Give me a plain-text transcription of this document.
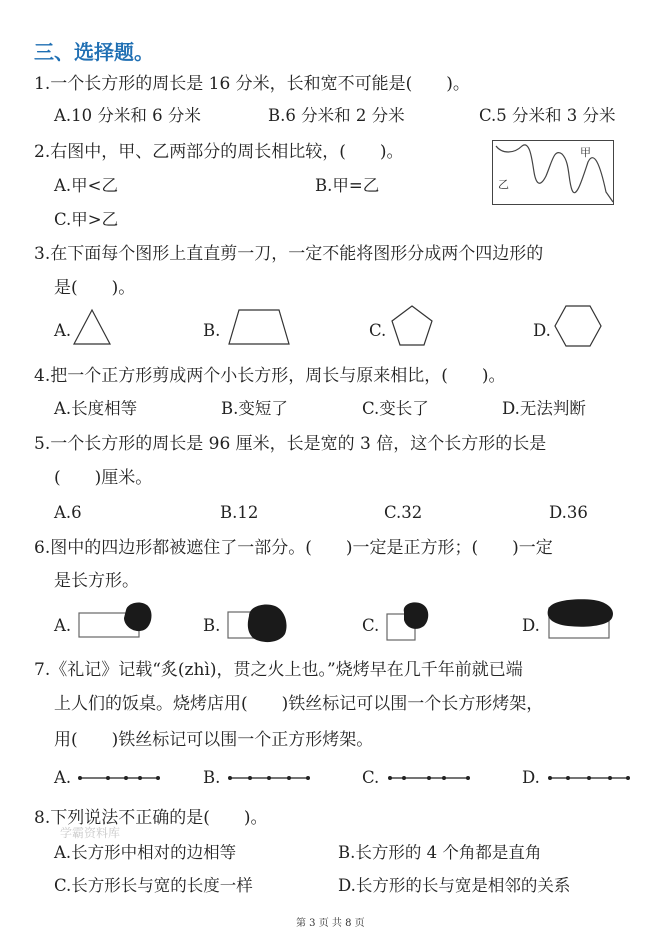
三、选择题。
1.一个长方形的周长是 16 分米，长和宽不可能是(　　)。
A.10 分米和 6 分米	B.6 分米和 2 分米	C.5 分米和 3 分米
2.右图中，甲、乙两部分的周长相比较，(　　)。
A.甲<乙	B.甲=乙
C.甲>乙
甲
乙
3.在下面每个图形上直直剪一刀，一定不能将图形分成两个四边形的
是(　　)。
A.	B.	C.	D.
4.把一个正方形剪成两个小长方形，周长与原来相比，(　　)。
A.长度相等	B.变短了	C.变长了	D.无法判断
5.一个长方形的周长是 96 厘米，长是宽的 3 倍，这个长方形的长是
(　　)厘米。
A.6	B.12	C.32	D.36
6.图中的四边形都被遮住了一部分。(　　)一定是正方形；(　　)一定
是长方形。
A.	B.	C.	D.
7.《礼记》记载“炙(zhì)，贯之火上也。”烧烤早在几千年前就已端
上人们的饭桌。烧烤店用(　　)铁丝标记可以围一个长方形烤架，
用(　　)铁丝标记可以围一个正方形烤架。
A.	B.	C.	D.
8.下列说法不正确的是(　　)。
学霸资料库
A.长方形中相对的边相等	B.长方形的 4 个角都是直角
C.长方形长与宽的长度一样	D.长方形的长与宽是相邻的关系
第 3 页 共 8 页
